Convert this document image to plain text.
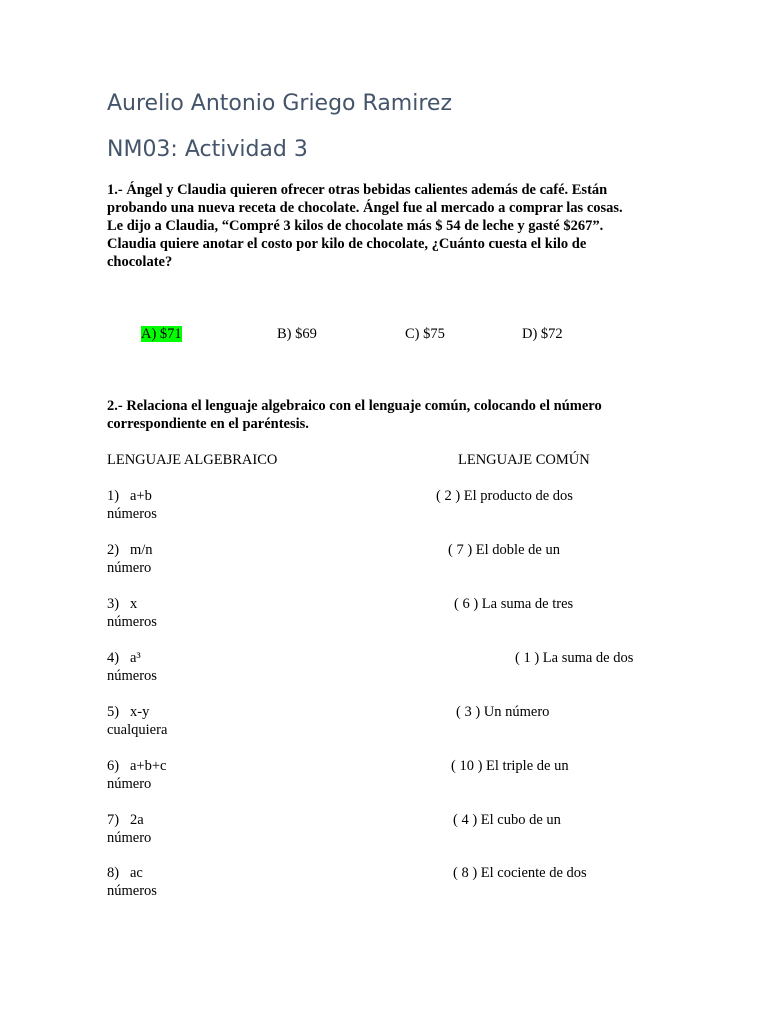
Aurelio Antonio Griego Ramirez
NM03: Actividad 3
1.- Ángel y Claudia quieren ofrecer otras bebidas calientes además de café. Están
probando una nueva receta de chocolate. Ángel fue al mercado a comprar las cosas.
Le dijo a Claudia, “Compré 3 kilos de chocolate más $ 54 de leche y gasté $267”.
Claudia quiere anotar el costo por kilo de chocolate, ¿Cuánto cuesta el kilo de
chocolate?
A) $71	B) $69	C) $75	D) $72
2.- Relaciona el lenguaje algebraico con el lenguaje común, colocando el número
correspondiente en el paréntesis.
LENGUAJE ALGEBRAICO	LENGUAJE COMÚN
1) a+b	( 2 ) El producto de dos
números
2) m/n	( 7 ) El doble de un
número
3) x	( 6 ) La suma de tres
números
4) a³	( 1 ) La suma de dos
números
5) x-y	( 3 ) Un número
cualquiera
6) a+b+c	( 10 ) El triple de un
número
7) 2a	( 4 ) El cubo de un
número
8) ac	( 8 ) El cociente de dos
números
